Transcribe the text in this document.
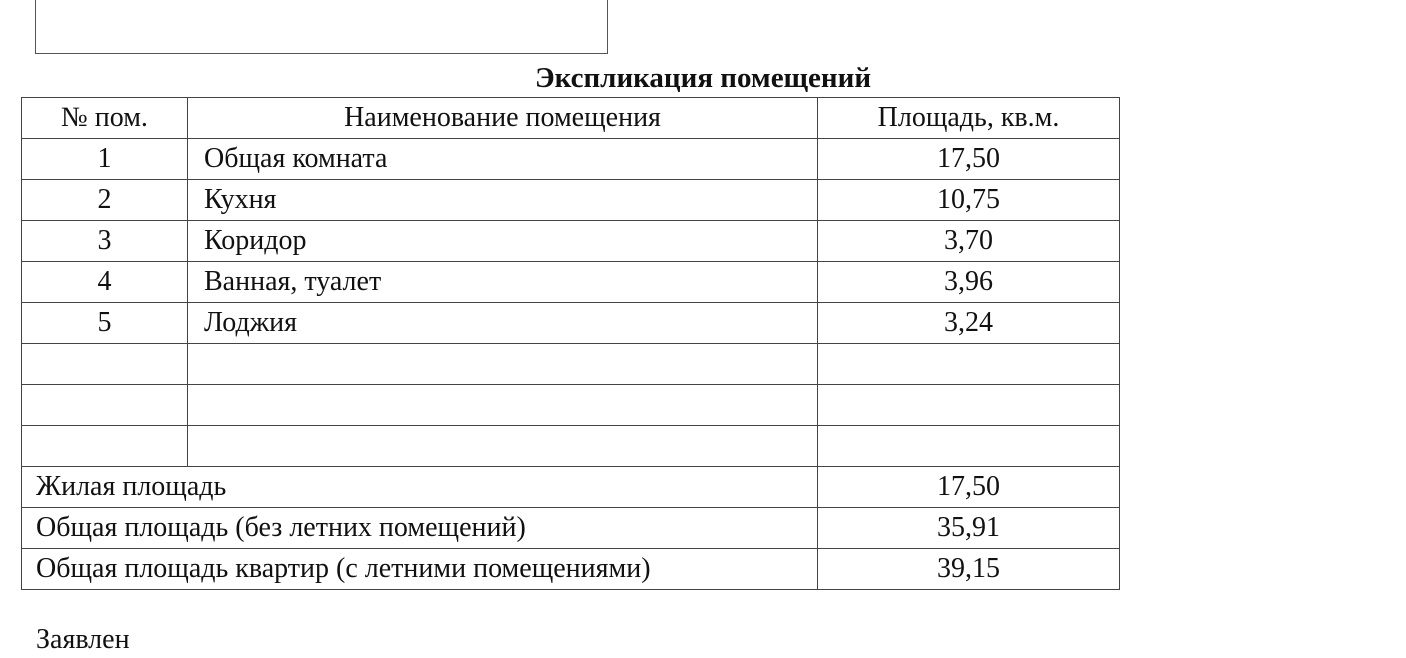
Экспликация помещений
№ пом.	Наименование помещения	Площадь, кв.м.
1	Общая комната	17,50
2	Кухня	10,75
3	Коридор	3,70
4	Ванная, туалет	3,96
5	Лоджия	3,24

Жилая площадь		17,50
Общая площадь (без летних помещений)		35,91
Общая площадь квартир (с летними помещениями)		39,15
Заявлен
